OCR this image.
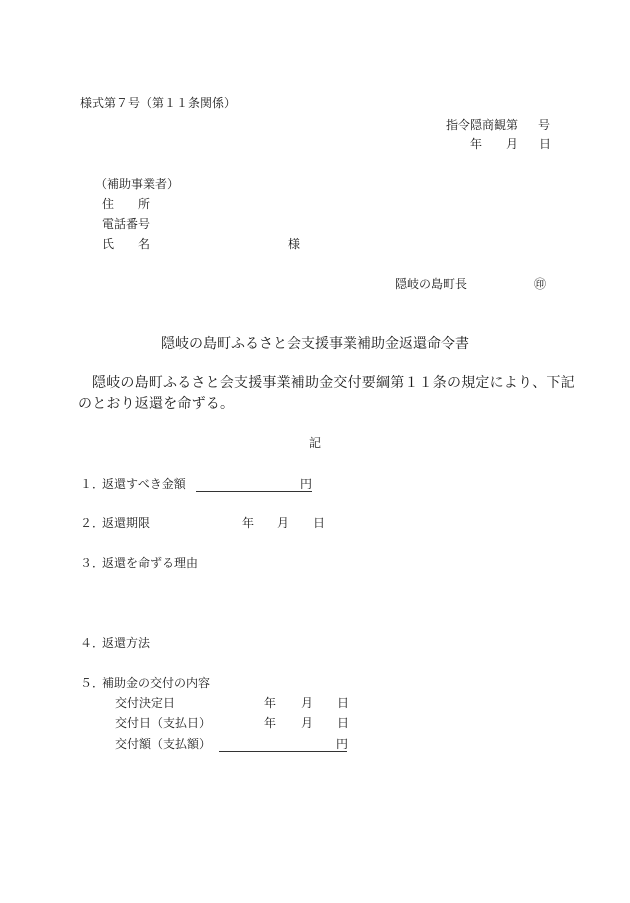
様式第７号（第１１条関係）
指令隠商観第 号
年 月 日
（補助事業者）
住　　所
電話番号
氏　　名	様
隠岐の島町長	㊞
隠岐の島町ふるさと会支援事業補助金返還命令書
隠岐の島町ふるさと会支援事業補助金交付要綱第１１条の規定により、下記
のとおり返還を命ずる。
記
１．
返還すべき金額	円
２．
返還期限	年 月 日
３．
返還を命ずる理由
４．
返還方法
５．
補助金の交付の内容
交付決定日	年 月 日
交付日（支払日）	年 月 日
交付額（支払額）	円
